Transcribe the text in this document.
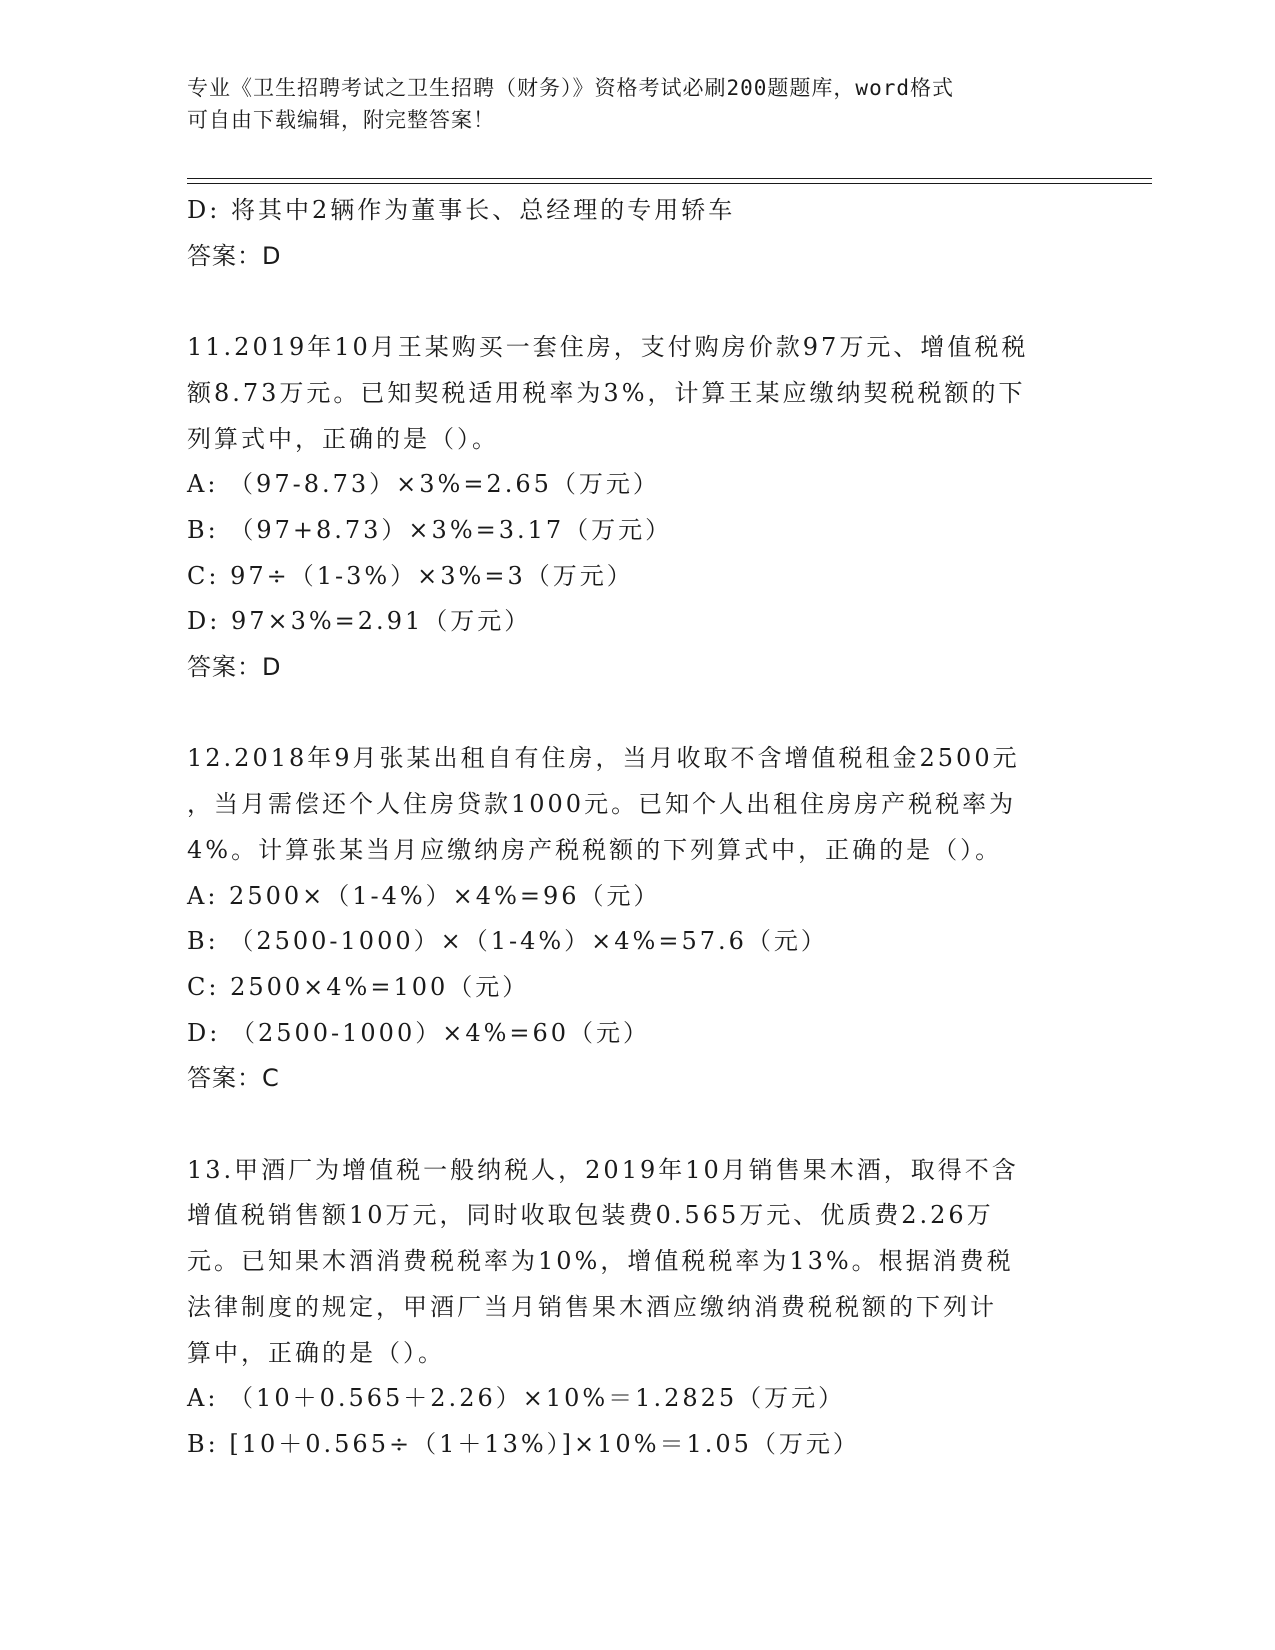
专业《卫生招聘考试之卫生招聘（财务）》资格考试必刷200题题库，word格式
可自由下载编辑，附完整答案！
D: 将其中2辆作为董事长、总经理的专用轿车
答案：D
11.2019年10月王某购买一套住房，支付购房价款97万元、增值税税
额8.73万元。已知契税适用税率为3%，计算王某应缴纳契税税额的下
列算式中，正确的是（）。
A: （97-8.73）×3%=2.65（万元）
B: （97+8.73）×3%=3.17（万元）
C: 97÷（1-3%）×3%=3（万元）
D: 97×3%=2.91（万元）
答案：D
12.2018年9月张某出租自有住房，当月收取不含增值税租金2500元
，当月需偿还个人住房贷款1000元。已知个人出租住房房产税税率为
4%。计算张某当月应缴纳房产税税额的下列算式中，正确的是（）。
A: 2500×（1-4%）×4%=96（元）
B: （2500-1000）×（1-4%）×4%=57.6（元）
C: 2500×4%=100（元）
D: （2500-1000）×4%=60（元）
答案：C
13.甲酒厂为增值税一般纳税人，2019年10月销售果木酒，取得不含
增值税销售额10万元，同时收取包装费0.565万元、优质费2.26万
元。已知果木酒消费税税率为10%，增值税税率为13%。根据消费税
法律制度的规定，甲酒厂当月销售果木酒应缴纳消费税税额的下列计
算中，正确的是（）。
A: （10＋0.565＋2.26）×10%＝1.2825（万元）
B: [10＋0.565÷（1＋13%）]×10%＝1.05（万元）
